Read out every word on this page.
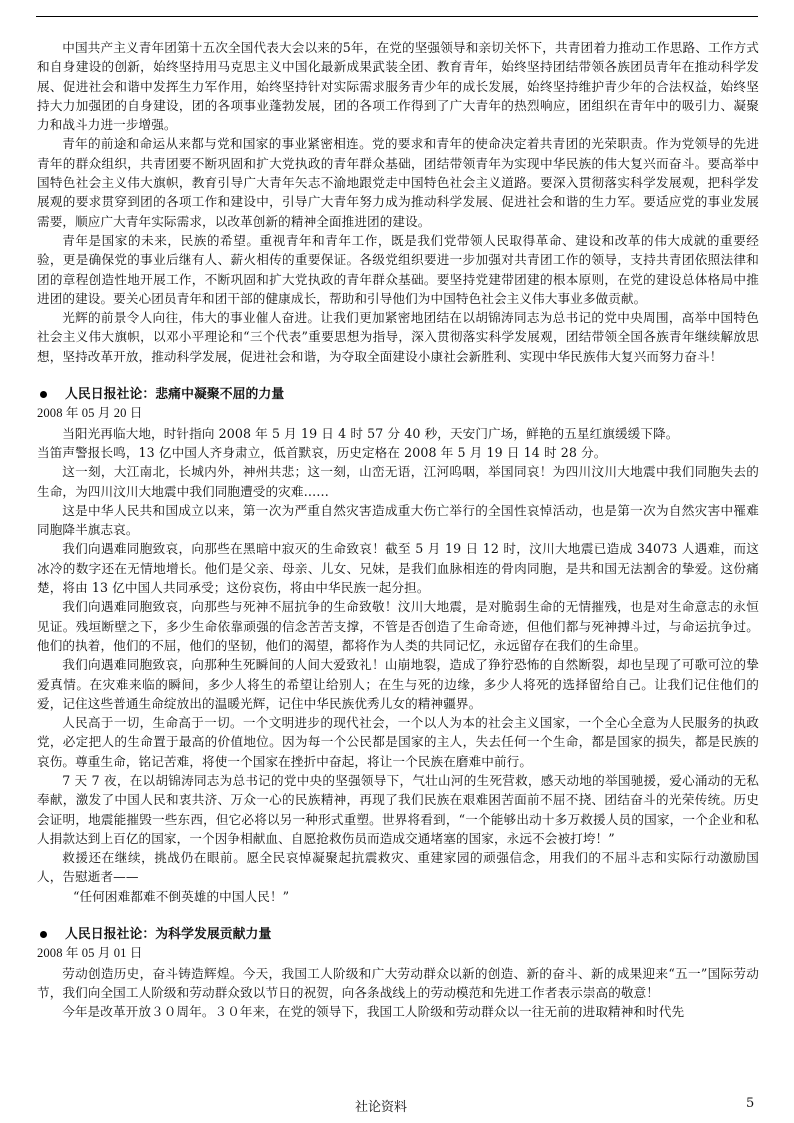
中国共产主义青年团第十五次全国代表大会以来的5年，在党的坚强领导和亲切关怀下，共青团着力推动工作思路、工作方式和自身建设的创新，始终坚持用马克思主义中国化最新成果武装全团、教育青年，始终坚持团结带领各族团员青年在推动科学发展、促进社会和谐中发挥生力军作用，始终坚持针对实际需求服务青少年的成长发展，始终坚持维护青少年的合法权益，始终坚持大力加强团的自身建设，团的各项事业蓬勃发展，团的各项工作得到了广大青年的热烈响应，团组织在青年中的吸引力、凝聚力和战斗力进一步增强。

青年的前途和命运从来都与党和国家的事业紧密相连。党的要求和青年的使命决定着共青团的光荣职责。作为党领导的先进青年的群众组织，共青团要不断巩固和扩大党执政的青年群众基础，团结带领青年为实现中华民族的伟大复兴而奋斗。要高举中国特色社会主义伟大旗帜，教育引导广大青年矢志不渝地跟党走中国特色社会主义道路。要深入贯彻落实科学发展观，把科学发展观的要求贯穿到团的各项工作和建设中，引导广大青年努力成为推动科学发展、促进社会和谐的生力军。要适应党的事业发展需要，顺应广大青年实际需求，以改革创新的精神全面推进团的建设。

青年是国家的未来，民族的希望。重视青年和青年工作，既是我们党带领人民取得革命、建设和改革的伟大成就的重要经验，更是确保党的事业后继有人、薪火相传的重要保证。各级党组织要进一步加强对共青团工作的领导，支持共青团依照法律和团的章程创造性地开展工作，不断巩固和扩大党执政的青年群众基础。要坚持党建带团建的根本原则，在党的建设总体格局中推进团的建设。要关心团员青年和团干部的健康成长，帮助和引导他们为中国特色社会主义伟大事业多做贡献。

光辉的前景令人向往，伟大的事业催人奋进。让我们更加紧密地团结在以胡锦涛同志为总书记的党中央周围，高举中国特色社会主义伟大旗帜，以邓小平理论和“三个代表”重要思想为指导，深入贯彻落实科学发展观，团结带领全国各族青年继续解放思想，坚持改革开放，推动科学发展，促进社会和谐，为夺取全面建设小康社会新胜利、实现中华民族伟大复兴而努力奋斗！

人民日报社论：悲痛中凝聚不屈的力量

2008 年 05 月 20 日

当阳光再临大地，时针指向 2008 年 5 月 19 日 4 时 57 分 40 秒，天安门广场，鲜艳的五星红旗缓缓下降。

当笛声警报长鸣，13 亿中国人齐身肃立，低首默哀，历史定格在 2008 年 5 月 19 日 14 时 28 分。

这一刻，大江南北，长城内外，神州共悲；这一刻，山峦无语，江河呜咽，举国同哀！为四川汶川大地震中我们同胞失去的生命，为四川汶川大地震中我们同胞遭受的灾难……

这是中华人民共和国成立以来，第一次为严重自然灾害造成重大伤亡举行的全国性哀悼活动，也是第一次为自然灾害中罹难同胞降半旗志哀。

我们向遇难同胞致哀，向那些在黑暗中寂灭的生命致哀！截至 5 月 19 日 12 时，汶川大地震已造成 34073 人遇难，而这冰冷的数字还在无情地增长。他们是父亲、母亲、儿女、兄妹，是我们血脉相连的骨肉同胞，是共和国无法割舍的挚爱。这份痛楚，将由 13 亿中国人共同承受；这份哀伤，将由中华民族一起分担。

我们向遇难同胞致哀，向那些与死神不屈抗争的生命致敬！汶川大地震，是对脆弱生命的无情摧残，也是对生命意志的永恒见证。残垣断壁之下，多少生命依靠顽强的信念苦苦支撑，不管是否创造了生命奇迹，但他们都与死神搏斗过，与命运抗争过。他们的执着，他们的不屈，他们的坚韧，他们的渴望，都将作为人类的共同记忆，永远留存在我们的生命里。

我们向遇难同胞致哀，向那种生死瞬间的人间大爱致礼！山崩地裂，造成了狰狞恐怖的自然断裂，却也呈现了可歌可泣的挚爱真情。在灾难来临的瞬间，多少人将生的希望让给别人；在生与死的边缘，多少人将死的选择留给自己。让我们记住他们的爱，记住这些普通生命绽放出的温暖光辉，记住中华民族优秀儿女的精神疆界。

人民高于一切，生命高于一切。一个文明进步的现代社会，一个以人为本的社会主义国家，一个全心全意为人民服务的执政党，必定把人的生命置于最高的价值地位。因为每一个公民都是国家的主人，失去任何一个生命，都是国家的损失，都是民族的哀伤。尊重生命，铭记苦难，将使一个国家在挫折中奋起，将让一个民族在磨难中前行。

7 天 7 夜，在以胡锦涛同志为总书记的党中央的坚强领导下，气壮山河的生死营救，感天动地的举国驰援，爱心涌动的无私奉献，激发了中国人民和衷共济、万众一心的民族精神，再现了我们民族在艰难困苦面前不屈不挠、团结奋斗的光荣传统。历史会证明，地震能摧毁一些东西，但它必将以另一种形式重塑。世界将看到，“一个能够出动十多万救援人员的国家，一个企业和私人捐款达到上百亿的国家，一个因争相献血、自愿抢救伤员而造成交通堵塞的国家，永远不会被打垮！”

救援还在继续，挑战仍在眼前。愿全民哀悼凝聚起抗震救灾、重建家园的顽强信念，用我们的不屈斗志和实际行动激励国人，告慰逝者——

“任何困难都难不倒英雄的中国人民！”

人民日报社论：为科学发展贡献力量

2008 年 05 月 01 日

劳动创造历史，奋斗铸造辉煌。今天，我国工人阶级和广大劳动群众以新的创造、新的奋斗、新的成果迎来“五一”国际劳动节，我们向全国工人阶级和劳动群众致以节日的祝贺，向各条战线上的劳动模范和先进工作者表示崇高的敬意！

今年是改革开放３０周年。３０年来，在党的领导下，我国工人阶级和劳动群众以一往无前的进取精神和时代先

社论资料	5
